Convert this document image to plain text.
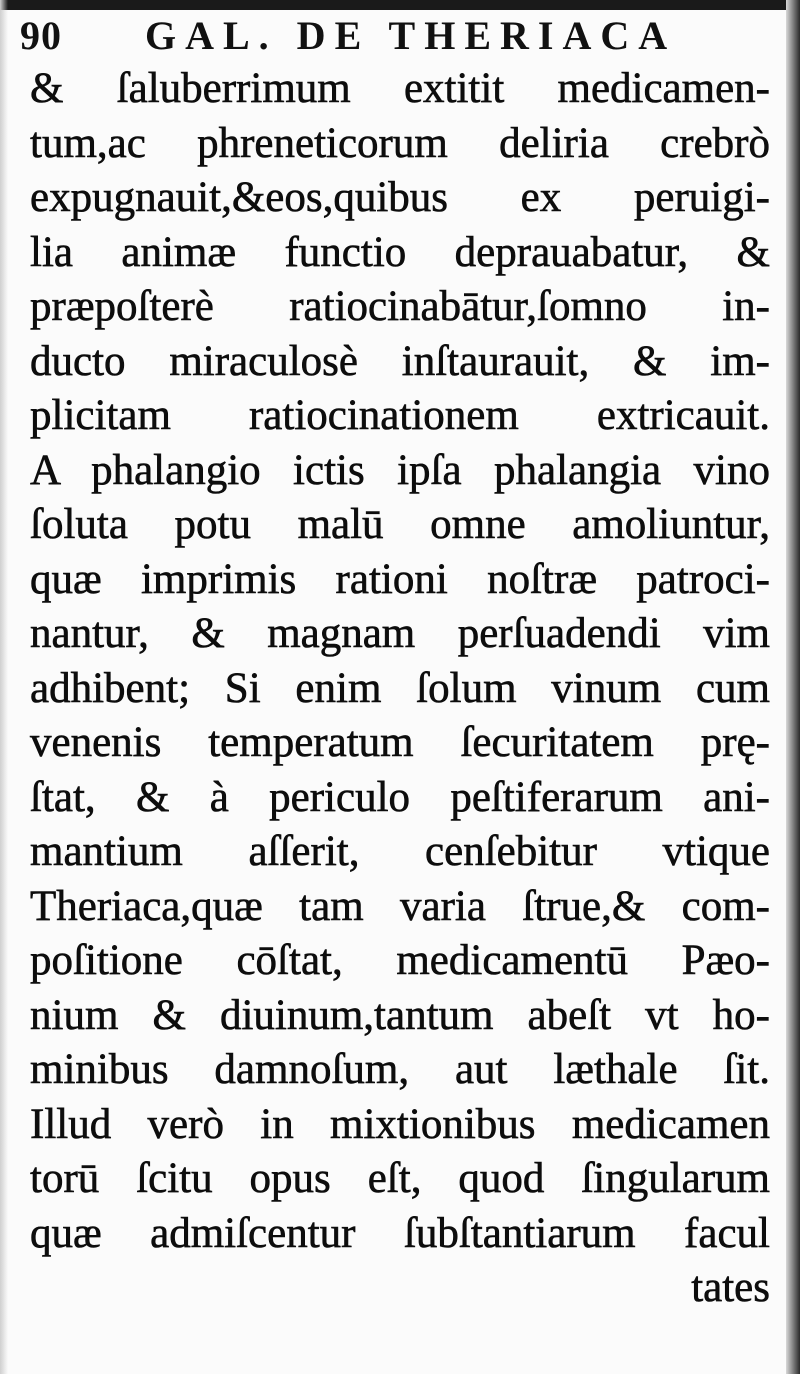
90 GAL. DE THERIACA
& ſaluberrimum extitit medicamen-
tum,ac phreneticorum deliria crebrò
expugnauit,&eos,quibus ex peruigi-
lia animæ functio deprauabatur, &
præpoſterè ratiocinabātur,ſomno in-
ducto miraculosè inſtaurauit, & im-
plicitam ratiocinationem extricauit.
A phalangio ictis ipſa phalangia vino
ſoluta potu malū omne amoliuntur,
quæ imprimis rationi noſtræ patroci-
nantur, & magnam perſuadendi vim
adhibent; Si enim ſolum vinum cum
venenis temperatum ſecuritatem prę-
ſtat, & à periculo peſtiferarum ani-
mantium aſſerit, cenſebitur vtique
Theriaca,quæ tam varia ſtrue,& com-
poſitione cōſtat, medicamentū Pæo-
nium & diuinum,tantum abeſt vt ho-
minibus damnoſum, aut læthale ſit.
Illud verò in mixtionibus medicamen
torū ſcitu opus eſt, quod ſingularum
quæ admiſcentur ſubſtantiarum facul
tates
